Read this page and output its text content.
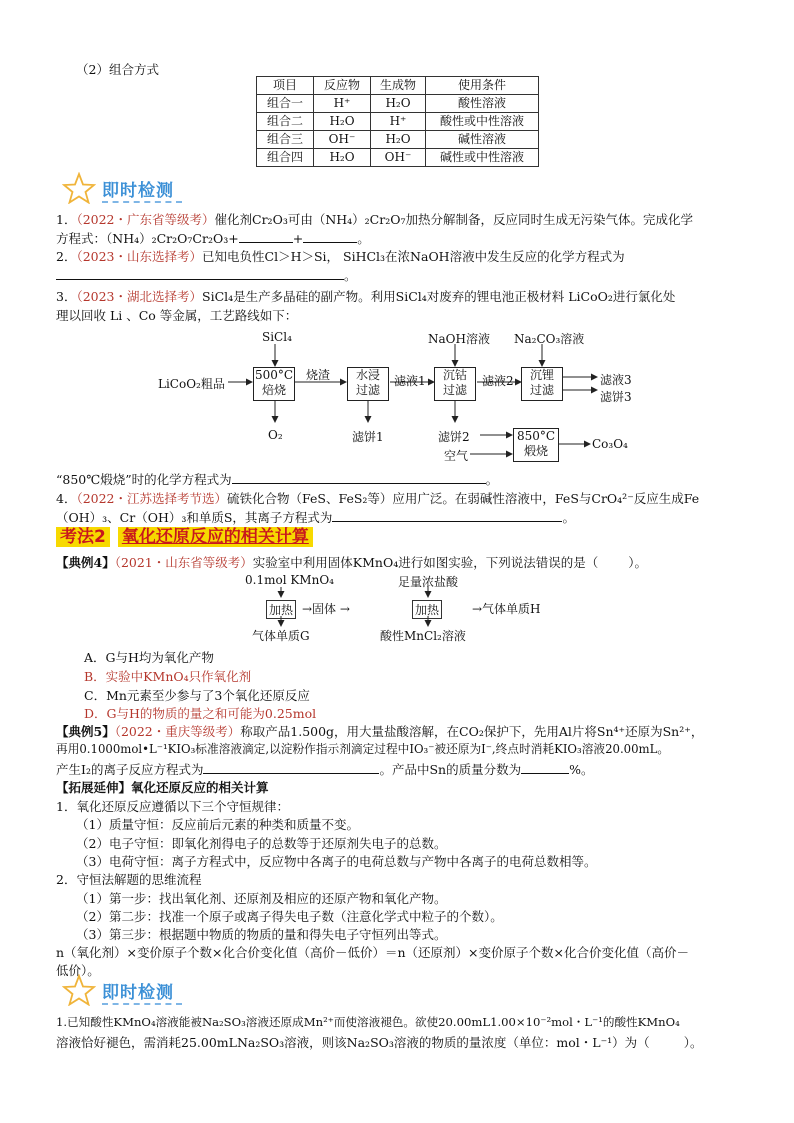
（2）组合方式
项目	反应物	生成物	使用条件
组合一	H⁺	H₂O	酸性溶液
组合二	H₂O	H⁺	酸性或中性溶液
组合三	OH⁻	H₂O	碱性溶液
组合四	H₂O	OH⁻	碱性或中性溶液
即时检测
1．（2022・广东省等级考）催化剂Cr₂O₃可由（NH₄）₂Cr₂O₇加热分解制备，反应同时生成无污染气体。完成化学
方程式：（NH₄）₂Cr₂O₇Cr₂O₃+	+	。
2．（2023・山东选择考）已知电负性Cl＞H＞Si， SiHCl₃在浓NaOH溶液中发生反应的化学方程式为
。
3．（2023・湖北选择考）SiCl₄是生产多晶硅的副产物。利用SiCl₄对废弃的锂电池正极材料 LiCoO₂进行氯化处
理以回收 Li 、Co 等金属，工艺路线如下：
SiCl₄	NaOH溶液 Na₂CO₃溶液
LiCoO₂粗品
500°C
焙烧
烧渣	水浸
过滤
滤液1	沉钴
过滤
滤液2	沉锂
过滤
滤液3
滤饼3
O₂	滤饼1	滤饼2
空气
850°C
煅烧	Co₃O₄
“850℃煅烧”时的化学方程式为	。
4．（2022・江苏选择考节选）硫铁化合物（FeS、FeS₂等）应用广泛。在弱碱性溶液中，FeS与CrO₄²⁻反应生成Fe
（OH）₃、Cr（OH）₃和单质S，其离子方程式为	。
考法2 氧化还原反应的相关计算
【典例4】（2021・山东省等级考）实验室中利用固体KMnO₄进行如图实验，下列说法错误的是（ ）。
0.1mol KMnO₄	足量浓盐酸
加热 →固体 →	加热	→气体单质H
气体单质G	酸性MnCl₂溶液
A．G与H均为氧化产物
B．实验中KMnO₄只作氧化剂
C．Mn元素至少参与了3个氧化还原反应
D．G与H的物质的量之和可能为0.25mol
【典例5】（2022・重庆等级考）称取产品1.500g，用大量盐酸溶解，在CO₂保护下，先用Al片将Sn⁴⁺还原为Sn²⁺，
再用0.1000mol•L⁻¹KIO₃标准溶液滴定,以淀粉作指示剂滴定过程中IO₃⁻被还原为I⁻,终点时消耗KIO₃溶液20.00mL。
产生I₂的离子反应方程式为	。产品中Sn的质量分数为	%。
【拓展延伸】氧化还原反应的相关计算
1．氧化还原反应遵循以下三个守恒规律：
（1）质量守恒：反应前后元素的种类和质量不变。
（2）电子守恒：即氧化剂得电子的总数等于还原剂失电子的总数。
（3）电荷守恒：离子方程式中，反应物中各离子的电荷总数与产物中各离子的电荷总数相等。
2．守恒法解题的思维流程
（1）第一步：找出氧化剂、还原剂及相应的还原产物和氧化产物。
（2）第二步：找准一个原子或离子得失电子数（注意化学式中粒子的个数）。
（3）第三步：根据题中物质的物质的量和得失电子守恒列出等式。
n（氧化剂）×变价原子个数×化合价变化值（高价－低价）＝n（还原剂）×变价原子个数×化合价变化值（高价－
低价）。
即时检测
1.已知酸性KMnO₄溶液能被Na₂SO₃溶液还原成Mn²⁺而使溶液褪色。欲使20.00mL1.00×10⁻²mol・L⁻¹的酸性KMnO₄
溶液恰好褪色，需消耗25.00mLNa₂SO₃溶液，则该Na₂SO₃溶液的物质的量浓度（单位：mol・L⁻¹）为（	）。
